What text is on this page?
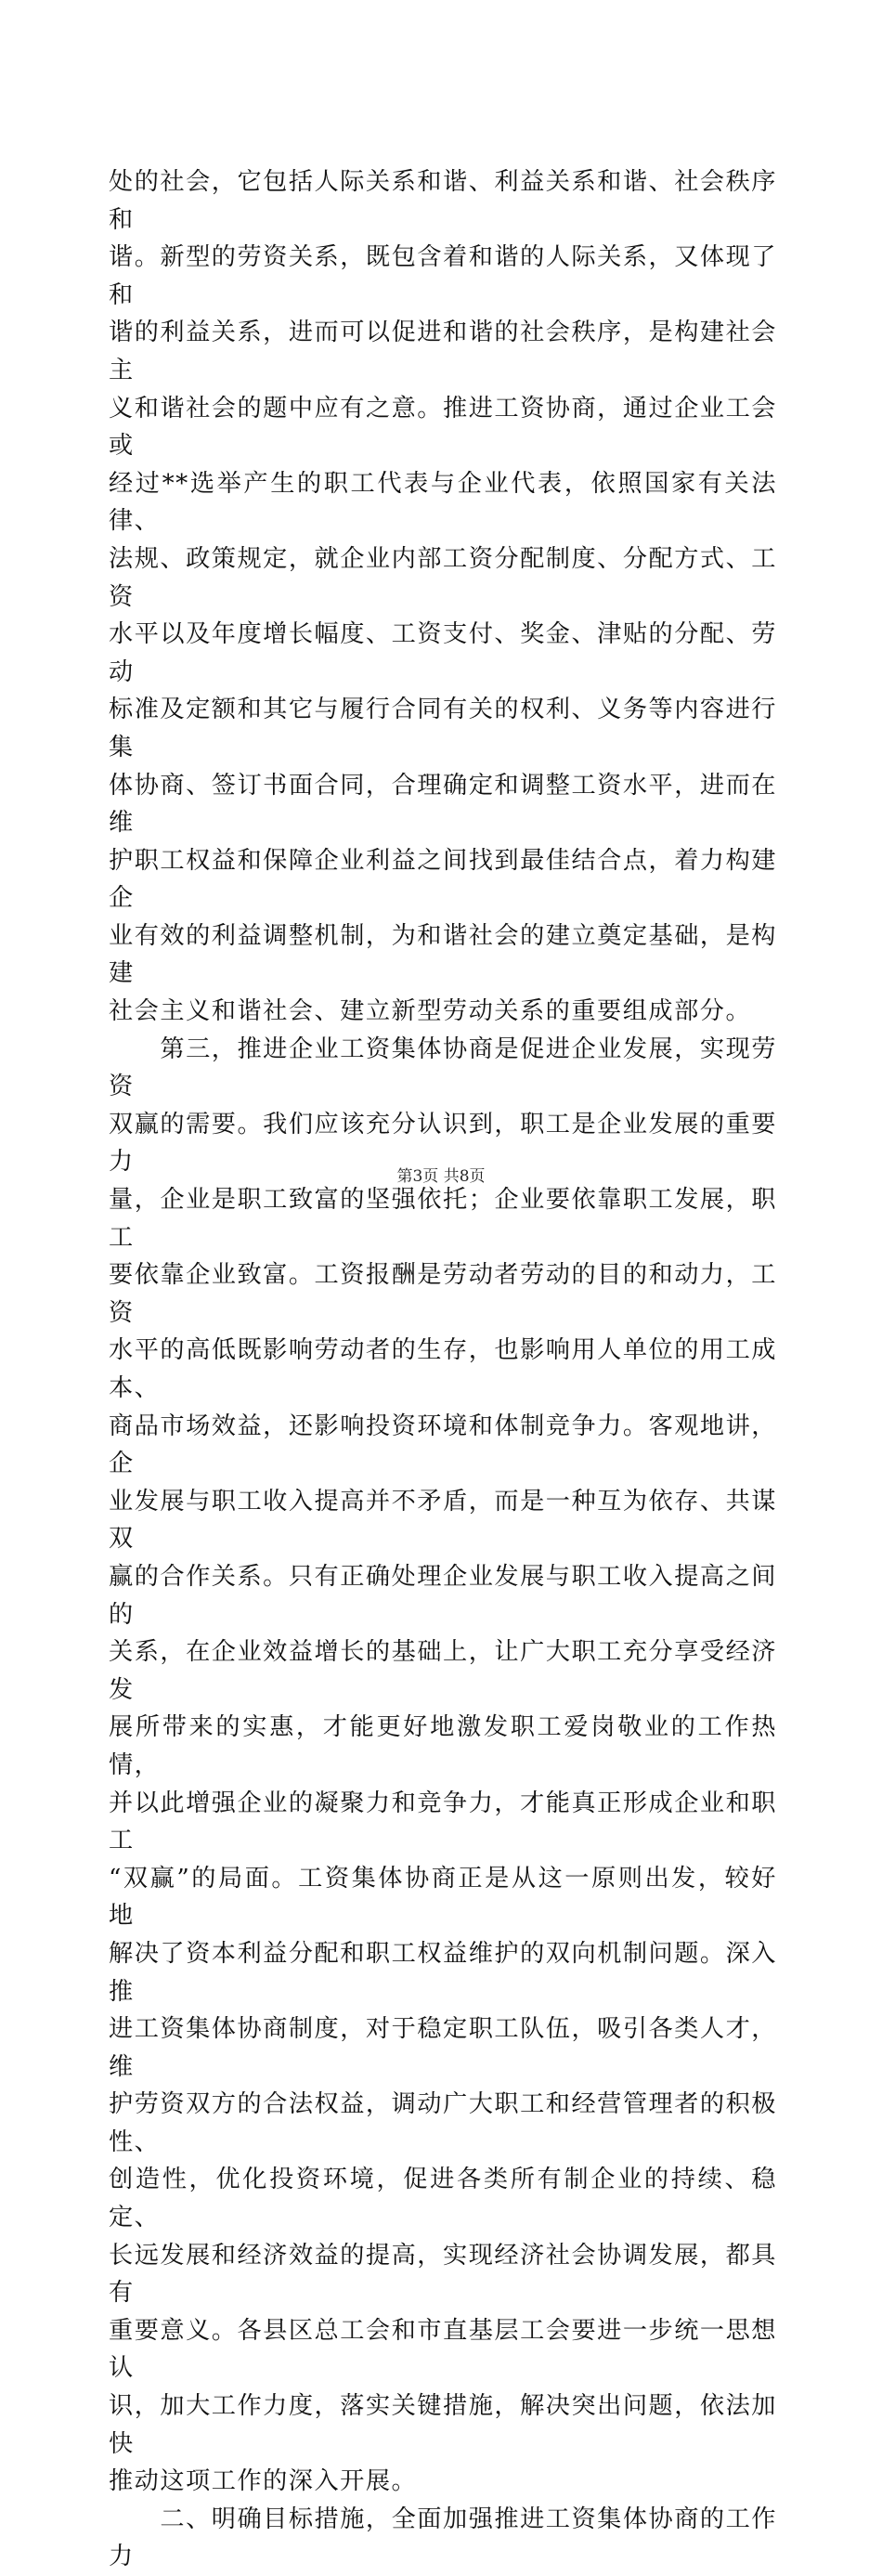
处的社会，它包括人际关系和谐、利益关系和谐、社会秩序和

谐。新型的劳资关系，既包含着和谐的人际关系，又体现了和

谐的利益关系，进而可以促进和谐的社会秩序，是构建社会主

义和谐社会的题中应有之意。推进工资协商，通过企业工会或

经过**选举产生的职工代表与企业代表，依照国家有关法律、

法规、政策规定，就企业内部工资分配制度、分配方式、工资

水平以及年度增长幅度、工资支付、奖金、津贴的分配、劳动

标准及定额和其它与履行合同有关的权利、义务等内容进行集

体协商、签订书面合同，合理确定和调整工资水平，进而在维

护职工权益和保障企业利益之间找到最佳结合点，着力构建企

业有效的利益调整机制，为和谐社会的建立奠定基础，是构建

社会主义和谐社会、建立新型劳动关系的重要组成部分。

　　第三，推进企业工资集体协商是促进企业发展，实现劳资

双赢的需要。我们应该充分认识到，职工是企业发展的重要力

量，企业是职工致富的坚强依托；企业要依靠职工发展，职工

要依靠企业致富。工资报酬是劳动者劳动的目的和动力，工资

水平的高低既影响劳动者的生存，也影响用人单位的用工成本、

商品市场效益，还影响投资环境和体制竞争力。客观地讲，企

业发展与职工收入提高并不矛盾，而是一种互为依存、共谋双

赢的合作关系。只有正确处理企业发展与职工收入提高之间的

关系，在企业效益增长的基础上，让广大职工充分享受经济发

展所带来的实惠，才能更好地激发职工爱岗敬业的工作热情，

并以此增强企业的凝聚力和竞争力，才能真正形成企业和职工

“双赢”的局面。工资集体协商正是从这一原则出发，较好地

解决了资本利益分配和职工权益维护的双向机制问题。深入推

进工资集体协商制度，对于稳定职工队伍，吸引各类人才，维

护劳资双方的合法权益，调动广大职工和经营管理者的积极性、

创造性，优化投资环境，促进各类所有制企业的持续、稳定、

长远发展和经济效益的提高，实现经济社会协调发展，都具有

重要意义。各县区总工会和市直基层工会要进一步统一思想认

识，加大工作力度，落实关键措施，解决突出问题，依法加快

推动这项工作的深入开展。

　　二、明确目标措施，全面加强推进工资集体协商的工作力

第3页 共8页
